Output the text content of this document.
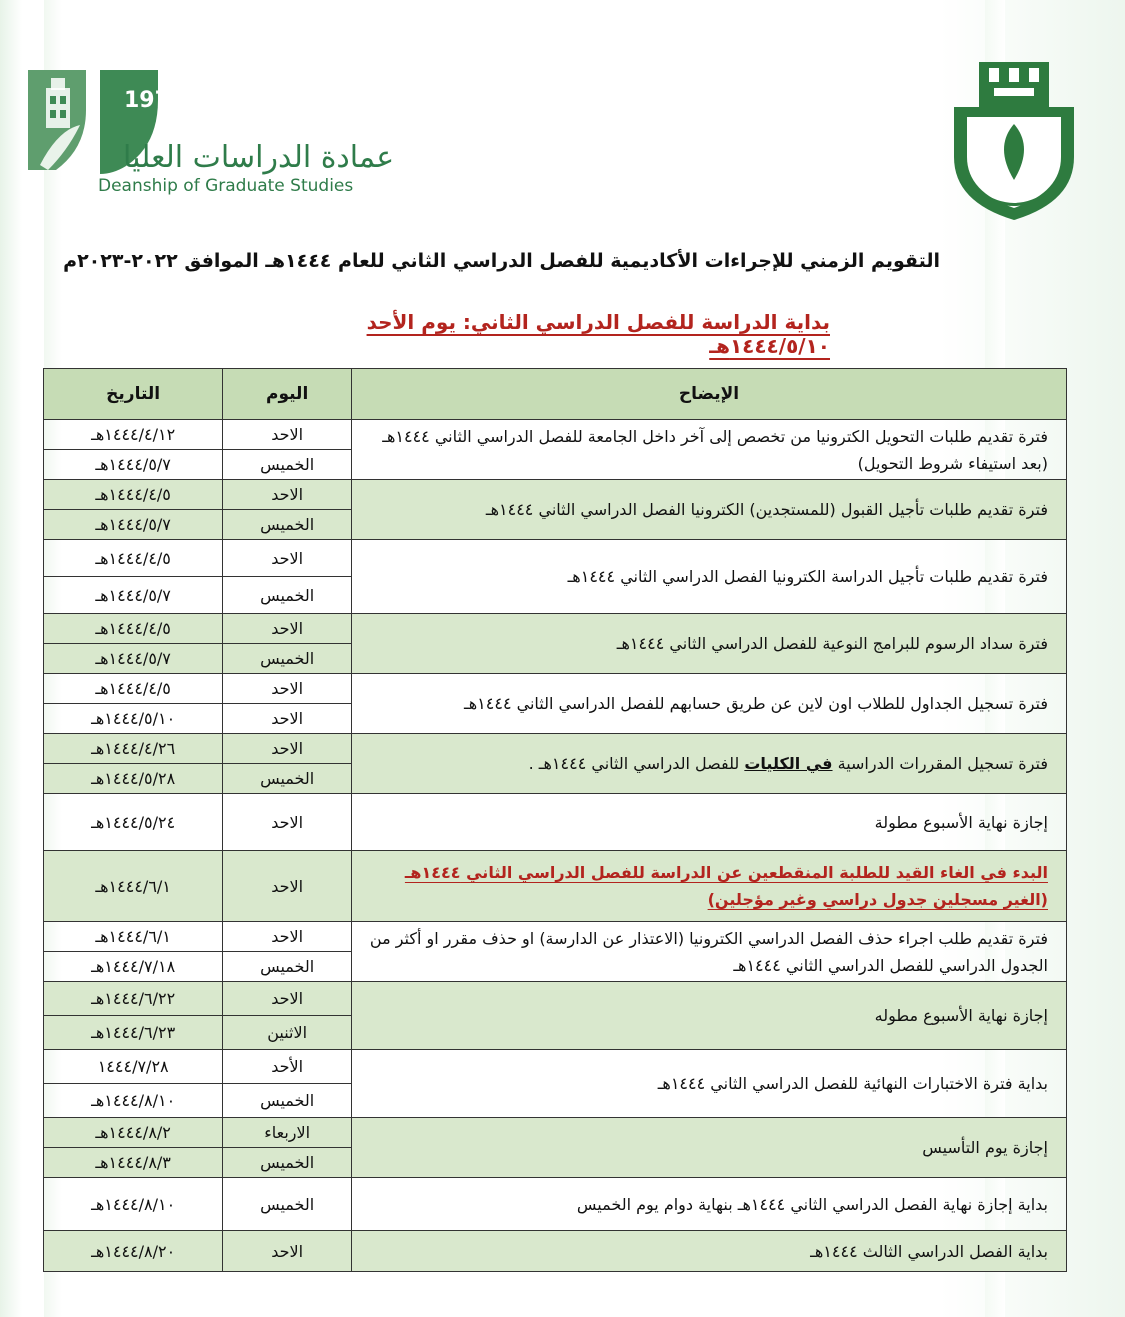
1976
عمادة الدراسات العليا
Deanship of Graduate Studies
التقويم الزمني للإجراءات الأكاديمية للفصل الدراسي الثاني للعام ١٤٤٤هـ الموافق ٢٠٢٢-٢٠٢٣م
بداية الدراسة للفصل الدراسي الثاني: يوم الأحد ١٤٤٤/٥/١٠هـ
الإيضاح	اليوم	التاريخ
فترة تقديم طلبات التحويل الكترونيا من تخصص إلى آخر داخل الجامعة للفصل الدراسي الثاني ١٤٤٤هـ (بعد استيفاء شروط التحويل)	الاحد	١٤٤٤/٤/١٢هـ
	الخميس	١٤٤٤/٥/٧هـ
فترة تقديم طلبات تأجيل القبول (للمستجدين) الكترونيا الفصل الدراسي الثاني ١٤٤٤هـ	الاحد	١٤٤٤/٤/٥هـ
	الخميس	١٤٤٤/٥/٧هـ
فترة تقديم طلبات تأجيل الدراسة الكترونيا الفصل الدراسي الثاني ١٤٤٤هـ	الاحد	١٤٤٤/٤/٥هـ
	الخميس	١٤٤٤/٥/٧هـ
فترة سداد الرسوم للبرامج النوعية للفصل الدراسي الثاني ١٤٤٤هـ	الاحد	١٤٤٤/٤/٥هـ
	الخميس	١٤٤٤/٥/٧هـ
فترة تسجيل الجداول للطلاب اون لاين عن طريق حسابهم للفصل الدراسي الثاني ١٤٤٤هـ	الاحد	١٤٤٤/٤/٥هـ
	الاحد	١٤٤٤/٥/١٠هـ
فترة تسجيل المقررات الدراسية في الكليات للفصل الدراسي الثاني ١٤٤٤هـ .	الاحد	١٤٤٤/٤/٢٦هـ
	الخميس	١٤٤٤/٥/٢٨هـ
إجازة نهاية الأسبوع مطولة	الاحد	١٤٤٤/٥/٢٤هـ
البدء في الغاء القيد للطلبة المنقطعين عن الدراسة للفصل الدراسي الثاني ١٤٤٤هـ (الغير مسجلين جدول دراسي وغير مؤجلين)	الاحد	١٤٤٤/٦/١هـ
فترة تقديم طلب اجراء حذف الفصل الدراسي الكترونيا (الاعتذار عن الدارسة) او حذف مقرر او أكثر من الجدول الدراسي للفصل الدراسي الثاني ١٤٤٤هـ	الاحد	١٤٤٤/٦/١هـ
	الخميس	١٤٤٤/٧/١٨هـ
إجازة نهاية الأسبوع مطوله	الاحد	١٤٤٤/٦/٢٢هـ
	الاثنين	١٤٤٤/٦/٢٣هـ
بداية فترة الاختبارات النهائية للفصل الدراسي الثاني ١٤٤٤هـ	الأحد	١٤٤٤/٧/٢٨
	الخميس	١٤٤٤/٨/١٠هـ
إجازة يوم التأسيس	الاربعاء	١٤٤٤/٨/٢هـ
	الخميس	١٤٤٤/٨/٣هـ
بداية إجازة نهاية الفصل الدراسي الثاني ١٤٤٤هـ بنهاية دوام يوم الخميس	الخميس	١٤٤٤/٨/١٠هـ
بداية الفصل الدراسي الثالث ١٤٤٤هـ	الاحد	١٤٤٤/٨/٢٠هـ
